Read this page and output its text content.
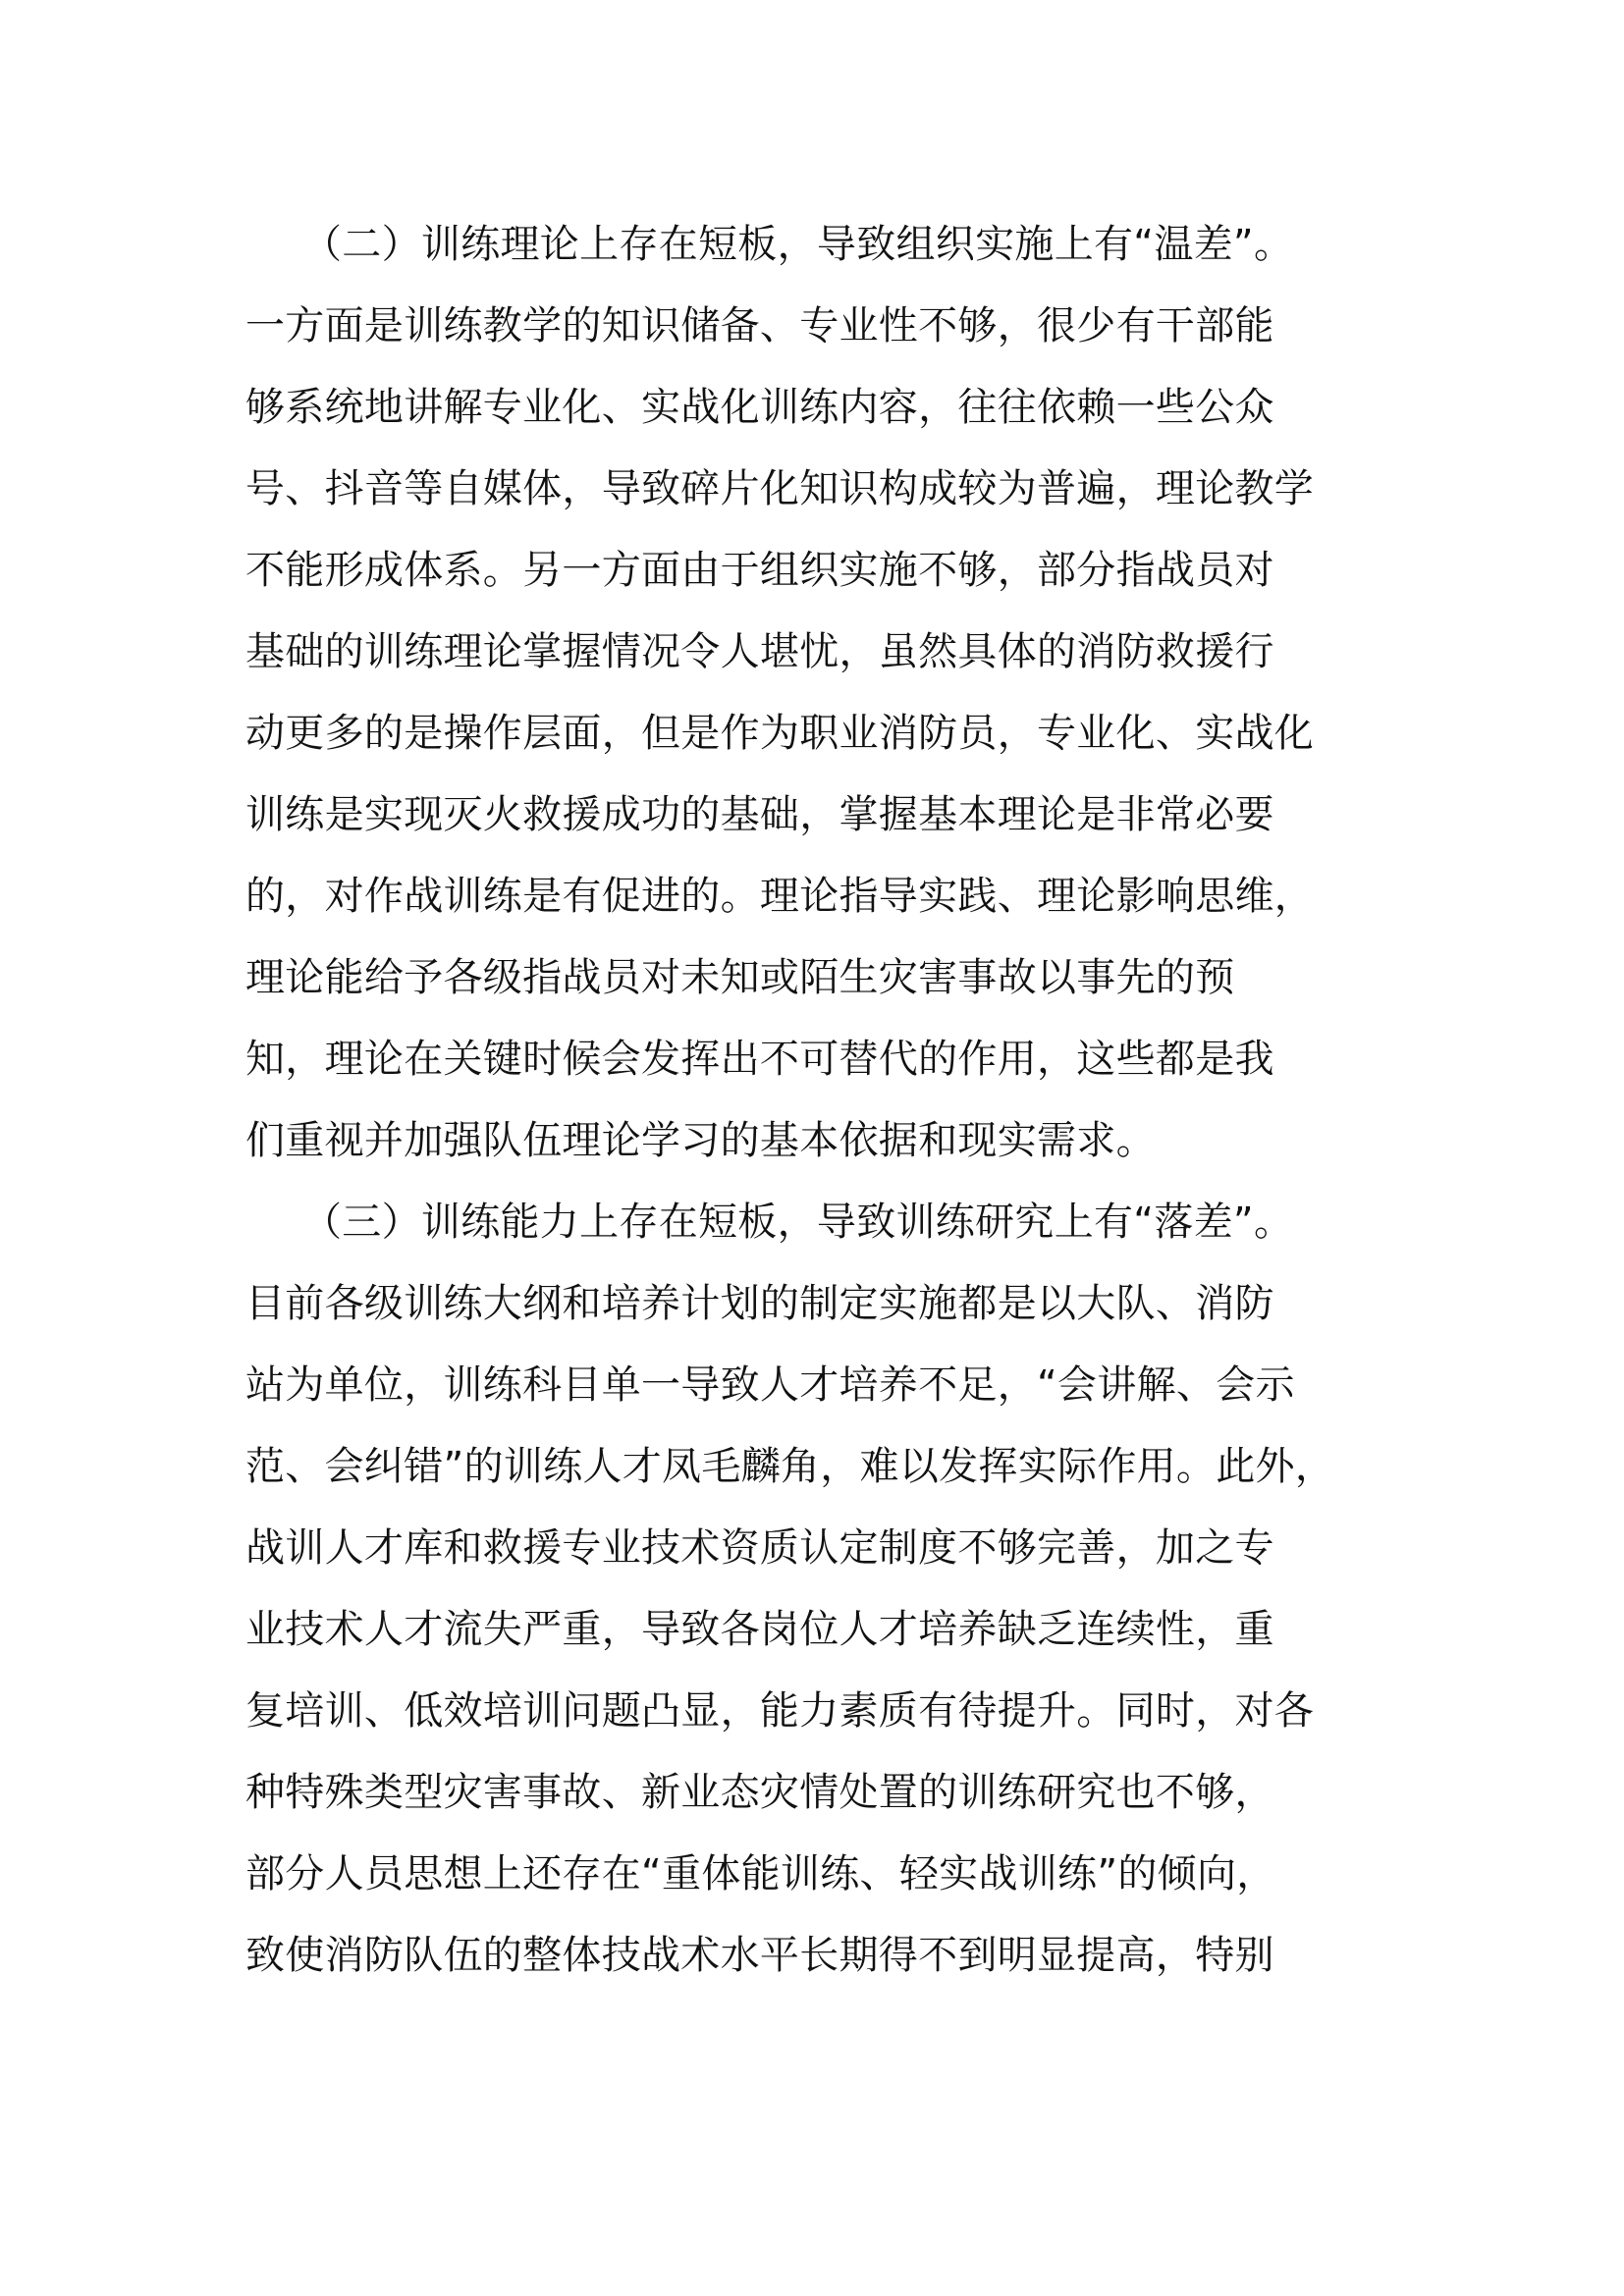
（二）训练理论上存在短板，导致组织实施上有“温差”。
一方面是训练教学的知识储备、专业性不够，很少有干部能
够系统地讲解专业化、实战化训练内容，往往依赖一些公众
号、抖音等自媒体，导致碎片化知识构成较为普遍，理论教学
不能形成体系。另一方面由于组织实施不够，部分指战员对
基础的训练理论掌握情况令人堪忧，虽然具体的消防救援行
动更多的是操作层面，但是作为职业消防员，专业化、实战化
训练是实现灭火救援成功的基础，掌握基本理论是非常必要
的，对作战训练是有促进的。理论指导实践、理论影响思维，
理论能给予各级指战员对未知或陌生灾害事故以事先的预
知，理论在关键时候会发挥出不可替代的作用，这些都是我
们重视并加强队伍理论学习的基本依据和现实需求。
（三）训练能力上存在短板，导致训练研究上有“落差”。
目前各级训练大纲和培养计划的制定实施都是以大队、消防
站为单位，训练科目单一导致人才培养不足，“会讲解、会示
范、会纠错”的训练人才凤毛麟角，难以发挥实际作用。此外，
战训人才库和救援专业技术资质认定制度不够完善，加之专
业技术人才流失严重，导致各岗位人才培养缺乏连续性，重
复培训、低效培训问题凸显，能力素质有待提升。同时，对各
种特殊类型灾害事故、新业态灾情处置的训练研究也不够，
部分人员思想上还存在“重体能训练、轻实战训练”的倾向，
致使消防队伍的整体技战术水平长期得不到明显提高，特别
